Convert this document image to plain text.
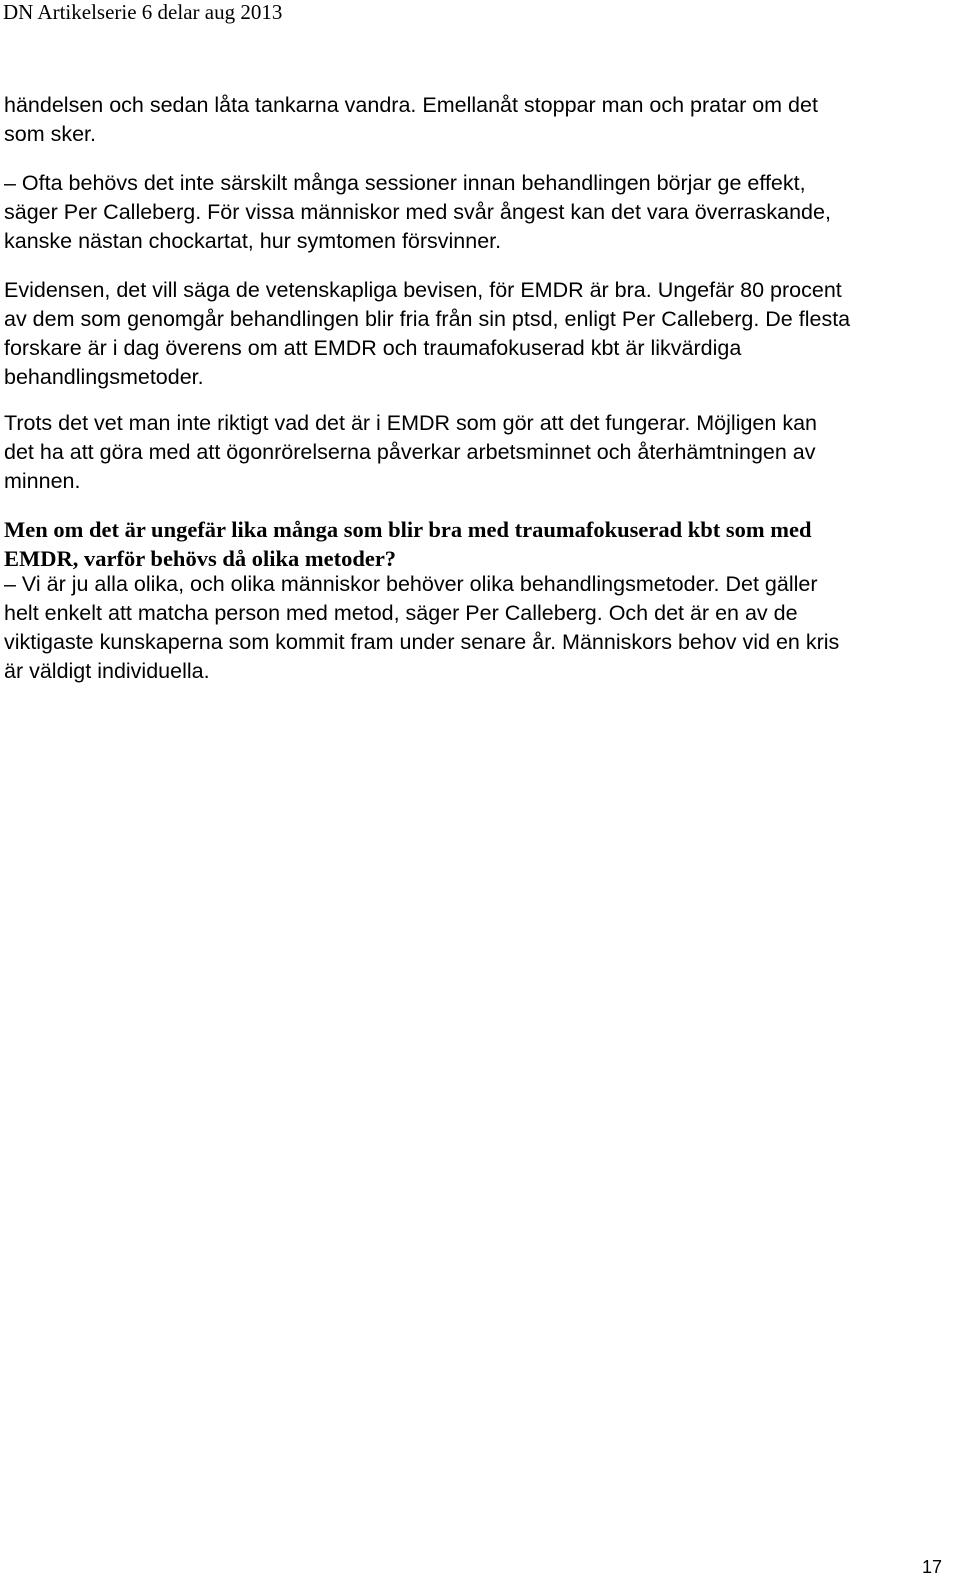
DN Artikelserie 6 delar aug 2013
händelsen och sedan låta tankarna vandra. Emellanåt stoppar man och pratar om det
som sker.
– Ofta behövs det inte särskilt många sessioner innan behandlingen börjar ge effekt,
säger Per Calleberg. För vissa människor med svår ångest kan det vara överraskande,
kanske nästan chockartat, hur symtomen försvinner.
Evidensen, det vill säga de vetenskapliga bevisen, för EMDR är bra. Ungefär 80 procent
av dem som genomgår behandlingen blir fria från sin ptsd, enligt Per Calleberg. De flesta
forskare är i dag överens om att EMDR och traumafokuserad kbt är likvärdiga
behandlingsmetoder.
Trots det vet man inte riktigt vad det är i EMDR som gör att det fungerar. Möjligen kan
det ha att göra med att ögonrörelserna påverkar arbetsminnet och återhämtningen av
minnen.
Men om det är ungefär lika många som blir bra med traumafokuserad kbt som med
EMDR, varför behövs då olika metoder?
– Vi är ju alla olika, och olika människor behöver olika behandlingsmetoder. Det gäller
helt enkelt att matcha person med metod, säger Per Calleberg. Och det är en av de
viktigaste kunskaperna som kommit fram under senare år. Människors behov vid en kris
är väldigt individuella.
17
